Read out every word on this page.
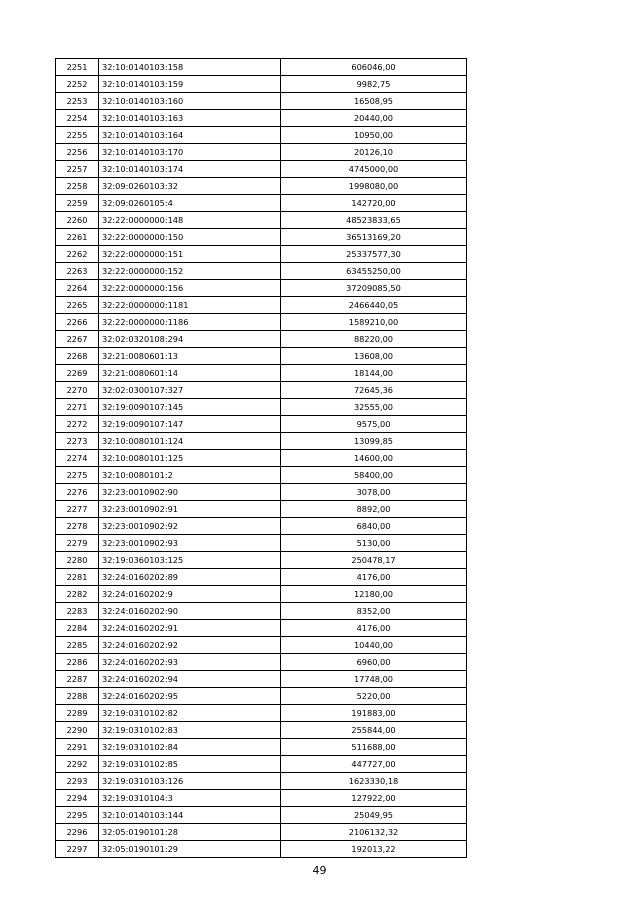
2251	32:10:0140103:158	606046,00
2252	32:10:0140103:159	9982,75
2253	32:10:0140103:160	16508,95
2254	32:10:0140103:163	20440,00
2255	32:10:0140103:164	10950,00
2256	32:10:0140103:170	20126,10
2257	32:10:0140103:174	4745000,00
2258	32:09:0260103:32	1998080,00
2259	32:09:0260105:4	142720,00
2260	32:22:0000000:148	48523833,65
2261	32:22:0000000:150	36513169,20
2262	32:22:0000000:151	25337577,30
2263	32:22:0000000:152	63455250,00
2264	32:22:0000000:156	37209085,50
2265	32:22:0000000:1181	2466440,05
2266	32:22:0000000:1186	1589210,00
2267	32:02:0320108:294	88220,00
2268	32:21:0080601:13	13608,00
2269	32:21:0080601:14	18144,00
2270	32:02:0300107:327	72645,36
2271	32:19:0090107:145	32555,00
2272	32:19:0090107:147	9575,00
2273	32:10:0080101:124	13099,85
2274	32:10:0080101:125	14600,00
2275	32:10:0080101:2	58400,00
2276	32:23:0010902:90	3078,00
2277	32:23:0010902:91	8892,00
2278	32:23:0010902:92	6840,00
2279	32:23:0010902:93	5130,00
2280	32:19:0360103:125	250478,17
2281	32:24:0160202:89	4176,00
2282	32:24:0160202:9	12180,00
2283	32:24:0160202:90	8352,00
2284	32:24:0160202:91	4176,00
2285	32:24:0160202:92	10440,00
2286	32:24:0160202:93	6960,00
2287	32:24:0160202:94	17748,00
2288	32:24:0160202:95	5220,00
2289	32:19:0310102:82	191883,00
2290	32:19:0310102:83	255844,00
2291	32:19:0310102:84	511688,00
2292	32:19:0310102:85	447727,00
2293	32:19:0310103:126	1623330,18
2294	32:19:0310104:3	127922,00
2295	32:10:0140103:144	25049,95
2296	32:05:0190101:28	2106132,32
2297	32:05:0190101:29	192013,22
49
